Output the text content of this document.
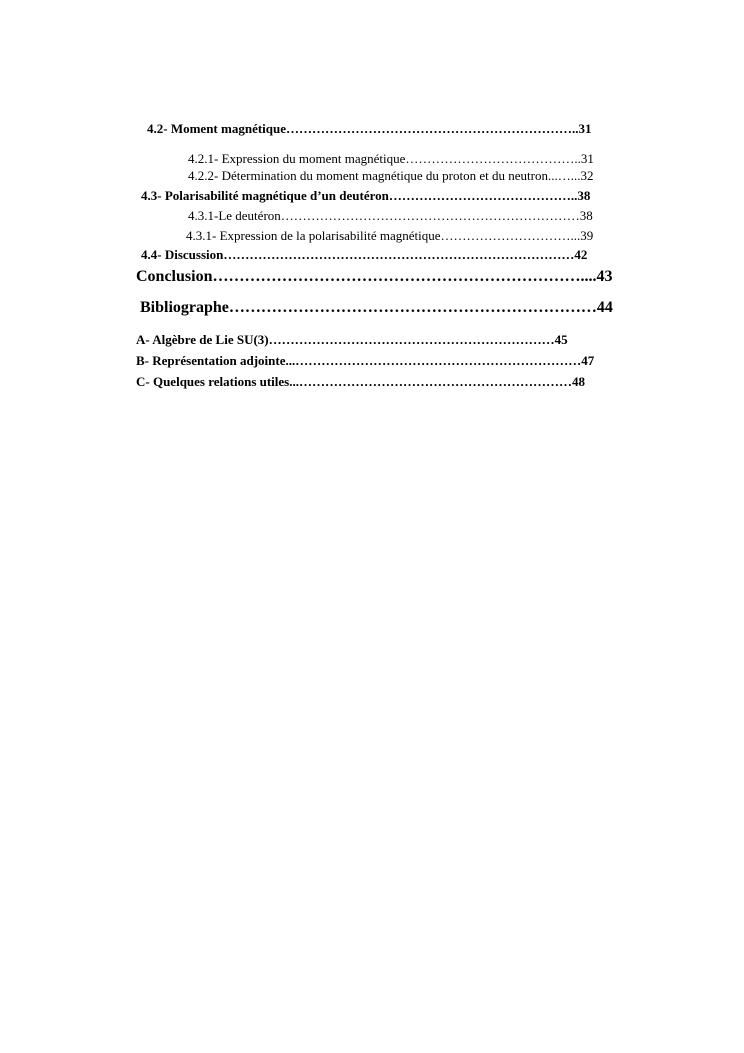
4.2- Moment magnétique…………………………………………………………..31
4.2.1- Expression du moment magnétique…………………………………..31
4.2.2- Détermination du moment magnétique du proton et du neutron...…...32
4.3- Polarisabilité magnétique d’un deutéron……………………………………..38
4.3.1-Le deutéron……………………………………………………………38
4.3.1- Expression de la polarisabilité magnétique…………………………...39
4.4- Discussion………………………………………………………………………42
Conclusion……………………………………………………………....43
Bibliographe……………………………………………………………44
A- Algèbre de Lie SU(3)…………………………………………………………45
B- Représentation adjointe...…………………………………………………………47
C- Quelques relations utiles...………………………………………………………48
